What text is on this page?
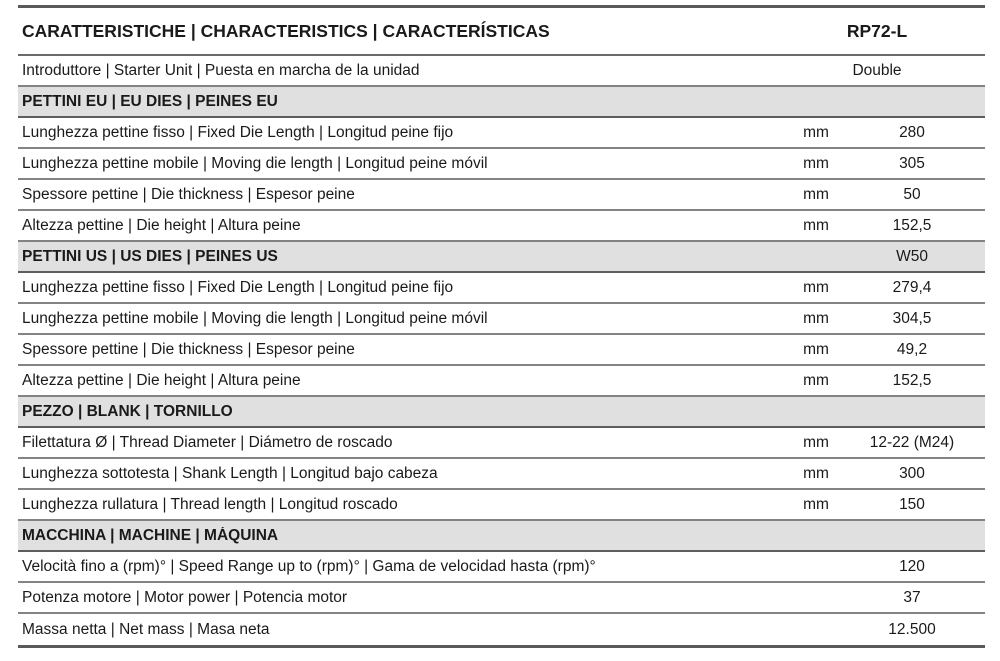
CARATTERISTICHE | CHARACTERISTICS | CARACTERÍSTICAS	RP72-L
Introduttore | Starter Unit | Puesta en marcha de la unidad	Double
PETTINI EU | EU DIES | PEINES EU
Lunghezza pettine fisso | Fixed Die Length | Longitud peine fijo	mm	280
Lunghezza pettine mobile | Moving die length | Longitud peine móvil	mm	305
Spessore pettine | Die thickness | Espesor peine	mm	50
Altezza pettine | Die height | Altura peine	mm	152,5
PETTINI US | US DIES | PEINES US	W50
Lunghezza pettine fisso | Fixed Die Length | Longitud peine fijo	mm	279,4
Lunghezza pettine mobile | Moving die length | Longitud peine móvil	mm	304,5
Spessore pettine | Die thickness | Espesor peine	mm	49,2
Altezza pettine | Die height | Altura peine	mm	152,5
PEZZO | BLANK | TORNILLO
Filettatura Ø | Thread Diameter | Diámetro de roscado	mm	12-22 (M24)
Lunghezza sottotesta | Shank Length | Longitud bajo cabeza	mm	300
Lunghezza rullatura | Thread length | Longitud roscado	mm	150
MACCHINA | MACHINE | MÁQUINA
Velocità fino a (rpm)° | Speed Range up to (rpm)° | Gama de velocidad hasta (rpm)°	120
Potenza motore | Motor power | Potencia motor	37
Massa netta | Net mass | Masa neta	12.500
